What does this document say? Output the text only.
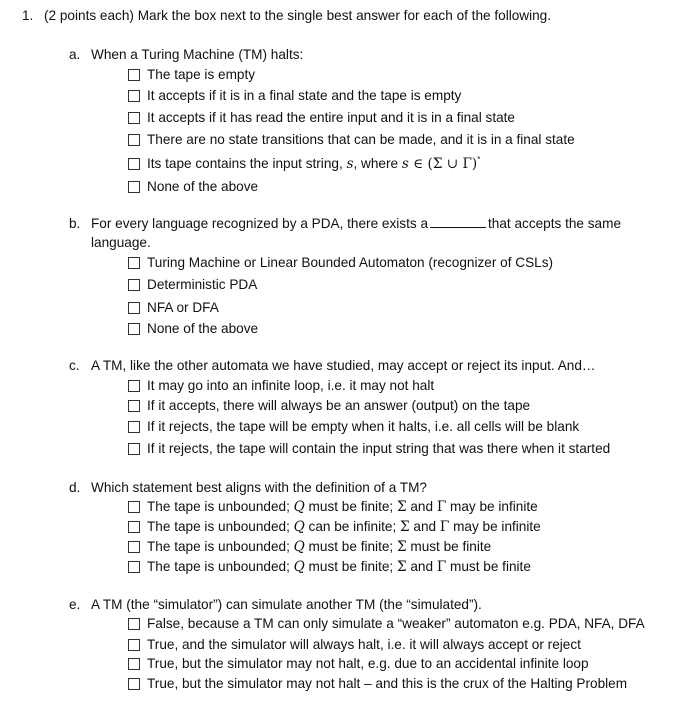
1. (2 points each) Mark the box next to the single best answer for each of the following.
a. When a Turing Machine (TM) halts:
The tape is empty
It accepts if it is in a final state and the tape is empty
It accepts if it has read the entire input and it is in a final state
There are no state transitions that can be made, and it is in a final state
Its tape contains the input string, s, where s ∈ (Σ ∪ Γ)*
None of the above
b. For every language recognized by a PDA, there exists a	that accepts the same
language.
Turing Machine or Linear Bounded Automaton (recognizer of CSLs)
Deterministic PDA
NFA or DFA
None of the above
c. A TM, like the other automata we have studied, may accept or reject its input. And…
It may go into an infinite loop, i.e. it may not halt
If it accepts, there will always be an answer (output) on the tape
If it rejects, the tape will be empty when it halts, i.e. all cells will be blank
If it rejects, the tape will contain the input string that was there when it started
d. Which statement best aligns with the definition of a TM?
The tape is unbounded; Q must be finite; Σ and Γ may be infinite
The tape is unbounded; Q can be infinite; Σ and Γ may be infinite
The tape is unbounded; Q must be finite; Σ must be finite
The tape is unbounded; Q must be finite; Σ and Γ must be finite
e. A TM (the “simulator”) can simulate another TM (the “simulated”).
False, because a TM can only simulate a “weaker” automaton e.g. PDA, NFA, DFA
True, and the simulator will always halt, i.e. it will always accept or reject
True, but the simulator may not halt, e.g. due to an accidental infinite loop
True, but the simulator may not halt – and this is the crux of the Halting Problem
